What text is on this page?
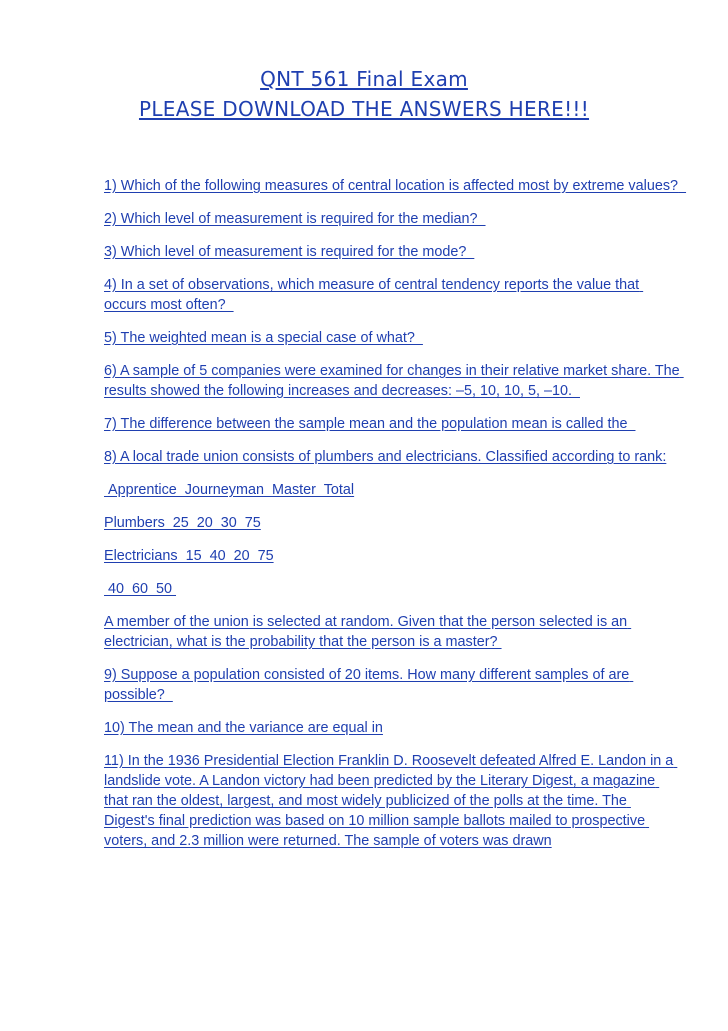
QNT 561 Final Exam
PLEASE DOWNLOAD THE ANSWERS HERE!!!

1) Which of the following measures of central location is affected most by extreme values?

2) Which level of measurement is required for the median?

3) Which level of measurement is required for the mode?

4) In a set of observations, which measure of central tendency reports the value that occurs most often?

5) The weighted mean is a special case of what?

6) A sample of 5 companies were examined for changes in their relative market share. The results showed the following increases and decreases: –5, 10, 10, 5, –10.

7) The difference between the sample mean and the population mean is called the

8) A local trade union consists of plumbers and electricians. Classified according to rank:

Apprentice  Journeyman  Master  Total

Plumbers  25  20  30  75

Electricians  15  40  20  75

40  60  50

A member of the union is selected at random. Given that the person selected is an electrician, what is the probability that the person is a master?

9) Suppose a population consisted of 20 items. How many different samples of are possible?

10) The mean and the variance are equal in

11) In the 1936 Presidential Election Franklin D. Roosevelt defeated Alfred E. Landon in a landslide vote. A Landon victory had been predicted by the Literary Digest, a magazine that ran the oldest, largest, and most widely publicized of the polls at the time. The Digest's final prediction was based on 10 million sample ballots mailed to prospective voters, and 2.3 million were returned. The sample of voters was drawn
